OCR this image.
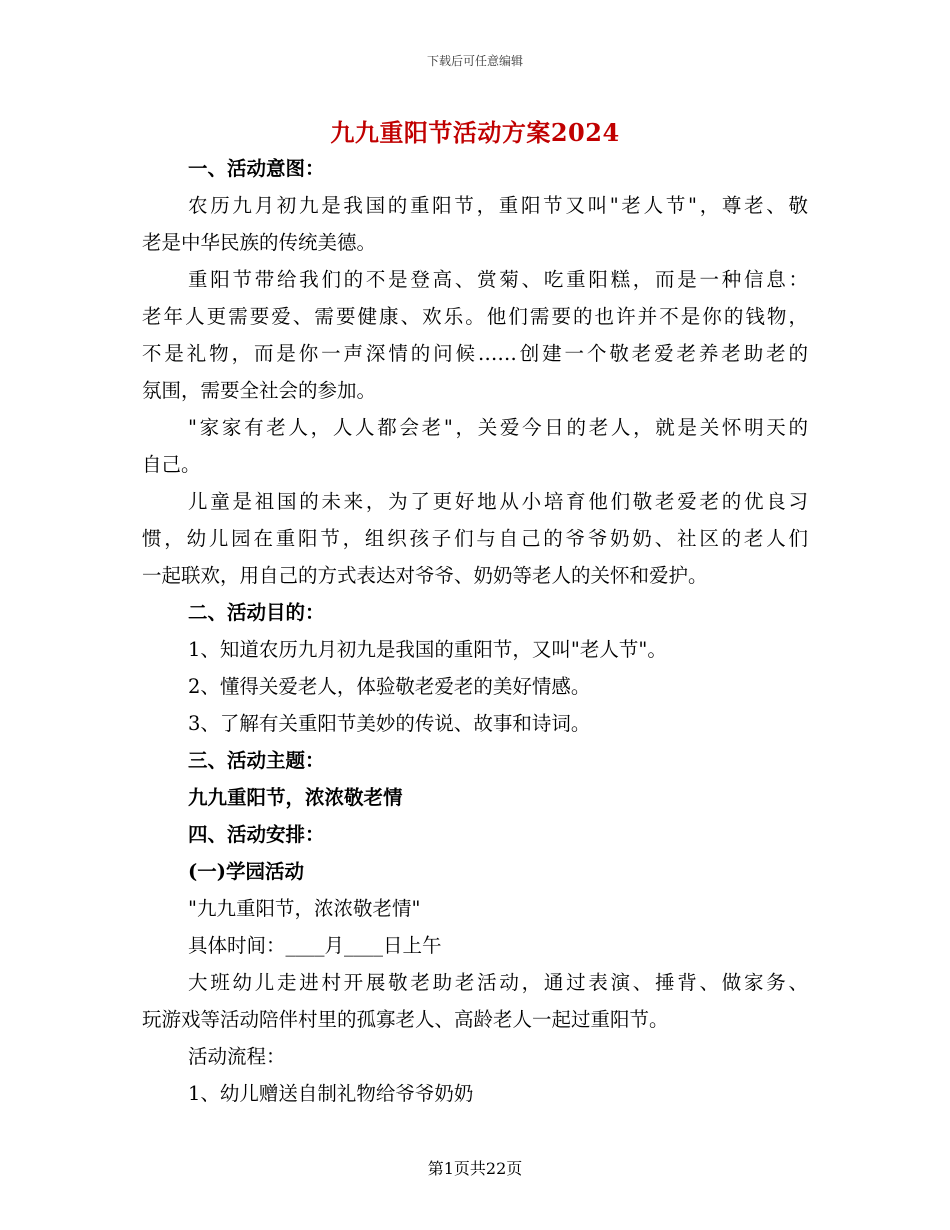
下载后可任意编辑
九九重阳节活动方案2024
一、活动意图：
农历九月初九是我国的重阳节，重阳节又叫"老人节"，尊老、敬
老是中华民族的传统美德。
重阳节带给我们的不是登高、赏菊、吃重阳糕，而是一种信息：
老年人更需要爱、需要健康、欢乐。他们需要的也许并不是你的钱物，
不是礼物，而是你一声深情的问候……创建一个敬老爱老养老助老的
氛围，需要全社会的参加。
"家家有老人，人人都会老"，关爱今日的老人，就是关怀明天的
自己。
儿童是祖国的未来，为了更好地从小培育他们敬老爱老的优良习
惯，幼儿园在重阳节，组织孩子们与自己的爷爷奶奶、社区的老人们
一起联欢，用自己的方式表达对爷爷、奶奶等老人的关怀和爱护。
二、活动目的：
1、知道农历九月初九是我国的重阳节，又叫"老人节"。
2、懂得关爱老人，体验敬老爱老的美好情感。
3、了解有关重阳节美妙的传说、故事和诗词。
三、活动主题：
九九重阳节，浓浓敬老情
四、活动安排：
(一)学园活动
"九九重阳节，浓浓敬老情"
具体时间：____月____日上午
大班幼儿走进村开展敬老助老活动，通过表演、捶背、做家务、
玩游戏等活动陪伴村里的孤寡老人、高龄老人一起过重阳节。
活动流程：
1、幼儿赠送自制礼物给爷爷奶奶
第1页共22页
